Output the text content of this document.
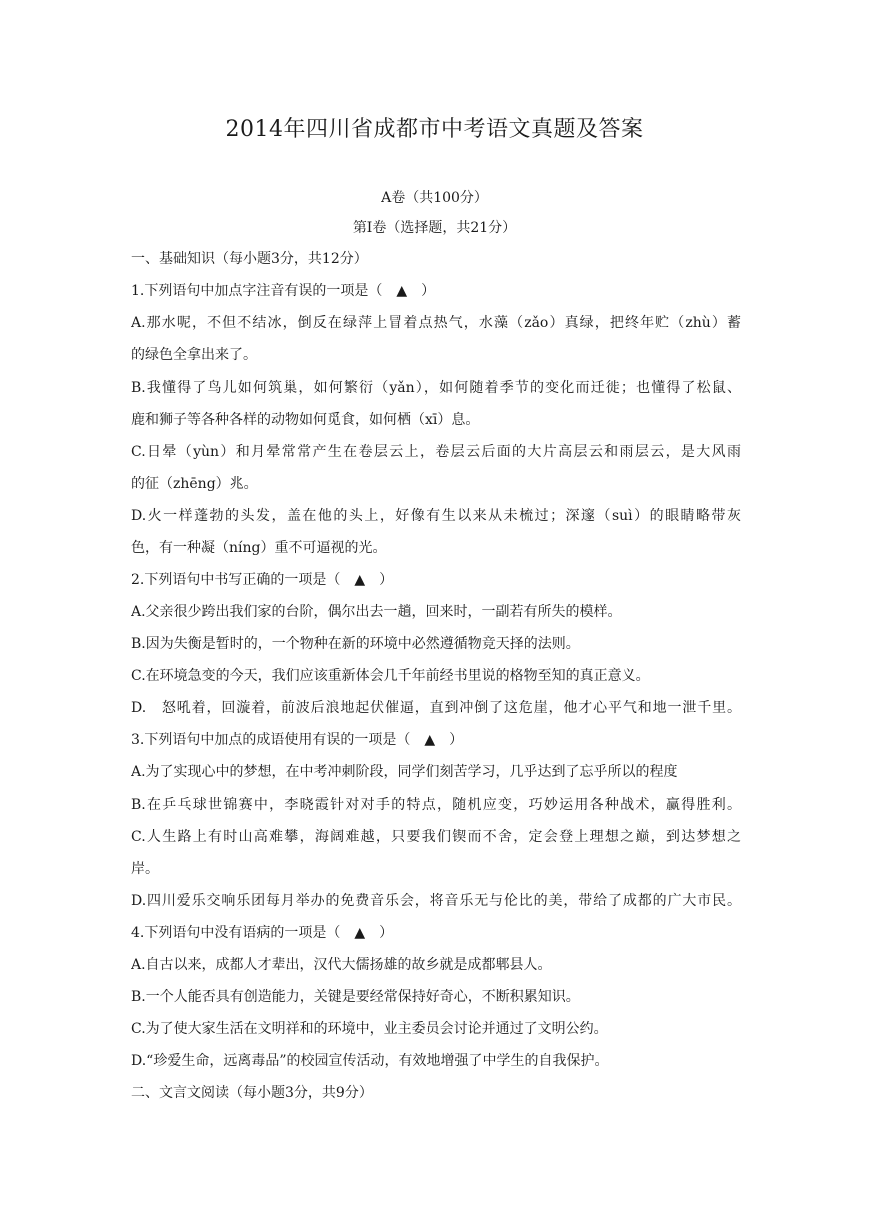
2014年四川省成都市中考语文真题及答案
A卷（共100分）
第Ⅰ卷（选择题，共21分）
一、基础知识（每小题3分，共12分）
1.下列语句中加点字注音有误的一项是（　▲　）
A.那水呢，不但不结冰，倒反在绿萍上冒着点热气，水藻（zǎo）真绿，把终年贮（zhù）蓄
的绿色全拿出来了。
B.我懂得了鸟儿如何筑巢，如何繁衍（yǎn），如何随着季节的变化而迁徙；也懂得了松鼠、
鹿和狮子等各种各样的动物如何觅食，如何栖（xī）息。
C.日晕（yùn）和月晕常常产生在卷层云上，卷层云后面的大片高层云和雨层云，是大风雨
的征（zhēng）兆。
D.火一样蓬勃的头发，盖在他的头上，好像有生以来从未梳过；深邃（suì）的眼睛略带灰
色，有一种凝（níng）重不可逼视的光。
2.下列语句中书写正确的一项是（　▲　）
A.父亲很少跨出我们家的台阶，偶尔出去一趟，回来时，一副若有所失的模样。
B.因为失衡是暂时的，一个物种在新的环境中必然遵循物竞天择的法则。
C.在环境急变的今天，我们应该重新体会几千年前经书里说的格物至知的真正意义。
D.　怒吼着，回漩着，前波后浪地起伏催逼，直到冲倒了这危崖，他才心平气和地一泄千里。
3.下列语句中加点的成语使用有误的一项是（　▲　）
A.为了实现心中的梦想，在中考冲刺阶段，同学们刻苦学习，几乎达到了忘乎所以的程度
B.在乒乓球世锦赛中，李晓霞针对对手的特点，随机应变，巧妙运用各种战术，赢得胜利。
C.人生路上有时山高难攀，海阔难越，只要我们锲而不舍，定会登上理想之巅，到达梦想之
岸。
D.四川爱乐交响乐团每月举办的免费音乐会，将音乐无与伦比的美，带给了成都的广大市民。
4.下列语句中没有语病的一项是（　▲　）
A.自古以来，成都人才辈出，汉代大儒扬雄的故乡就是成都郫县人。
B.一个人能否具有创造能力，关键是要经常保持好奇心，不断积累知识。
C.为了使大家生活在文明祥和的环境中，业主委员会讨论并通过了文明公约。
D.“珍爱生命，远离毒品”的校园宣传活动，有效地增强了中学生的自我保护。
二、文言文阅读（每小题3分，共9分）
